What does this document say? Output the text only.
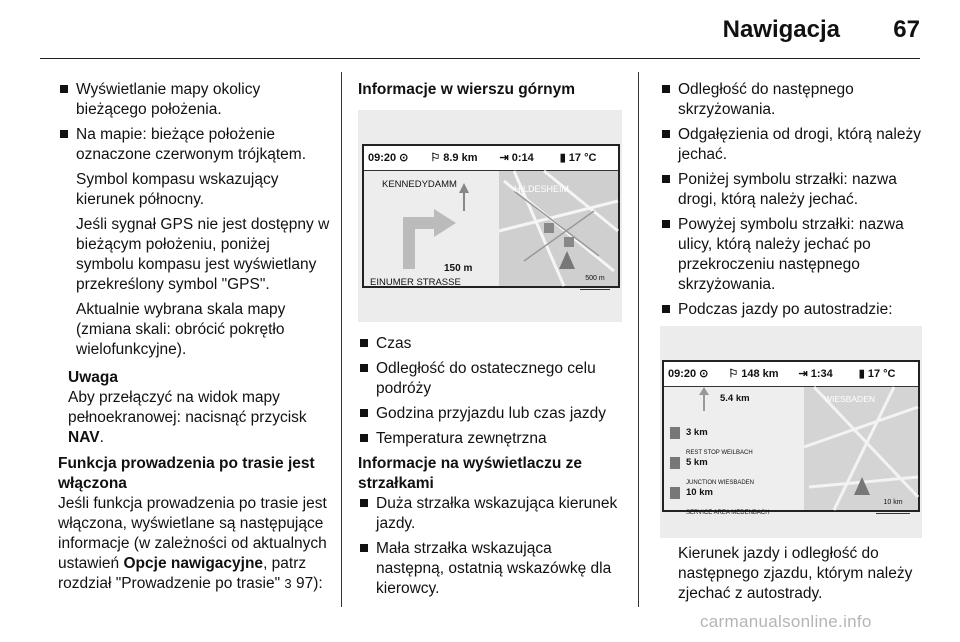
Nawigacja 67
Wyświetlanie mapy okolicy bieżącego położenia.
Na mapie: bieżące położenie oznaczone czerwonym trójkątem.
Symbol kompasu wskazujący kierunek północny.
Jeśli sygnał GPS nie jest dostępny w bieżącym położeniu, poniżej symbolu kompasu jest wyświetlany przekreślony symbol "GPS".
Aktualnie wybrana skala mapy (zmiana skali: obrócić pokrętło wielofunkcyjne).
Uwaga
Aby przełączyć na widok mapy pełnoekranowej: nacisnąć przycisk NAV.
Funkcja prowadzenia po trasie jest włączona
Jeśli funkcja prowadzenia po trasie jest włączona, wyświetlane są następujące informacje (w zależności od aktualnych ustawień Opcje nawigacyjne, patrz rozdział "Prowadzenie po trasie" 3 97):
Informacje w wierszu górnym
09:20 ⊙ ⚐ 8.9 km ⇥ 0:14 ▮ 17 °C
KENNEDYDAMM	HILDESHEIM
150 m
EINUMER STRASSE	500 m
Czas
Odległość do ostatecznego celu podróży
Godzina przyjazdu lub czas jazdy
Temperatura zewnętrzna
Informacje na wyświetlaczu ze strzałkami
Duża strzałka wskazująca kierunek jazdy.
Mała strzałka wskazująca następną, ostatnią wskazówkę dla kierowcy.
Odległość do następnego skrzyżowania.
Odgałęzienia od drogi, którą należy jechać.
Poniżej symbolu strzałki: nazwa drogi, którą należy jechać.
Powyżej symbolu strzałki: nazwa ulicy, którą należy jechać po przekroczeniu następnego skrzyżowania.
Podczas jazdy po autostradzie:
09:20 ⊙ ⚐ 148 km ⇥ 1:34 ▮ 17 °C
5.4 km	WIESBADEN
3 km
REST STOP WEILBACH
5 km
JUNCTION WIESBADEN
10 km
SERVICE AREA MEDENBACH
10 km
Kierunek jazdy i odległość do następnego zjazdu, którym należy zjechać z autostrady.
carmanualsonline.info
